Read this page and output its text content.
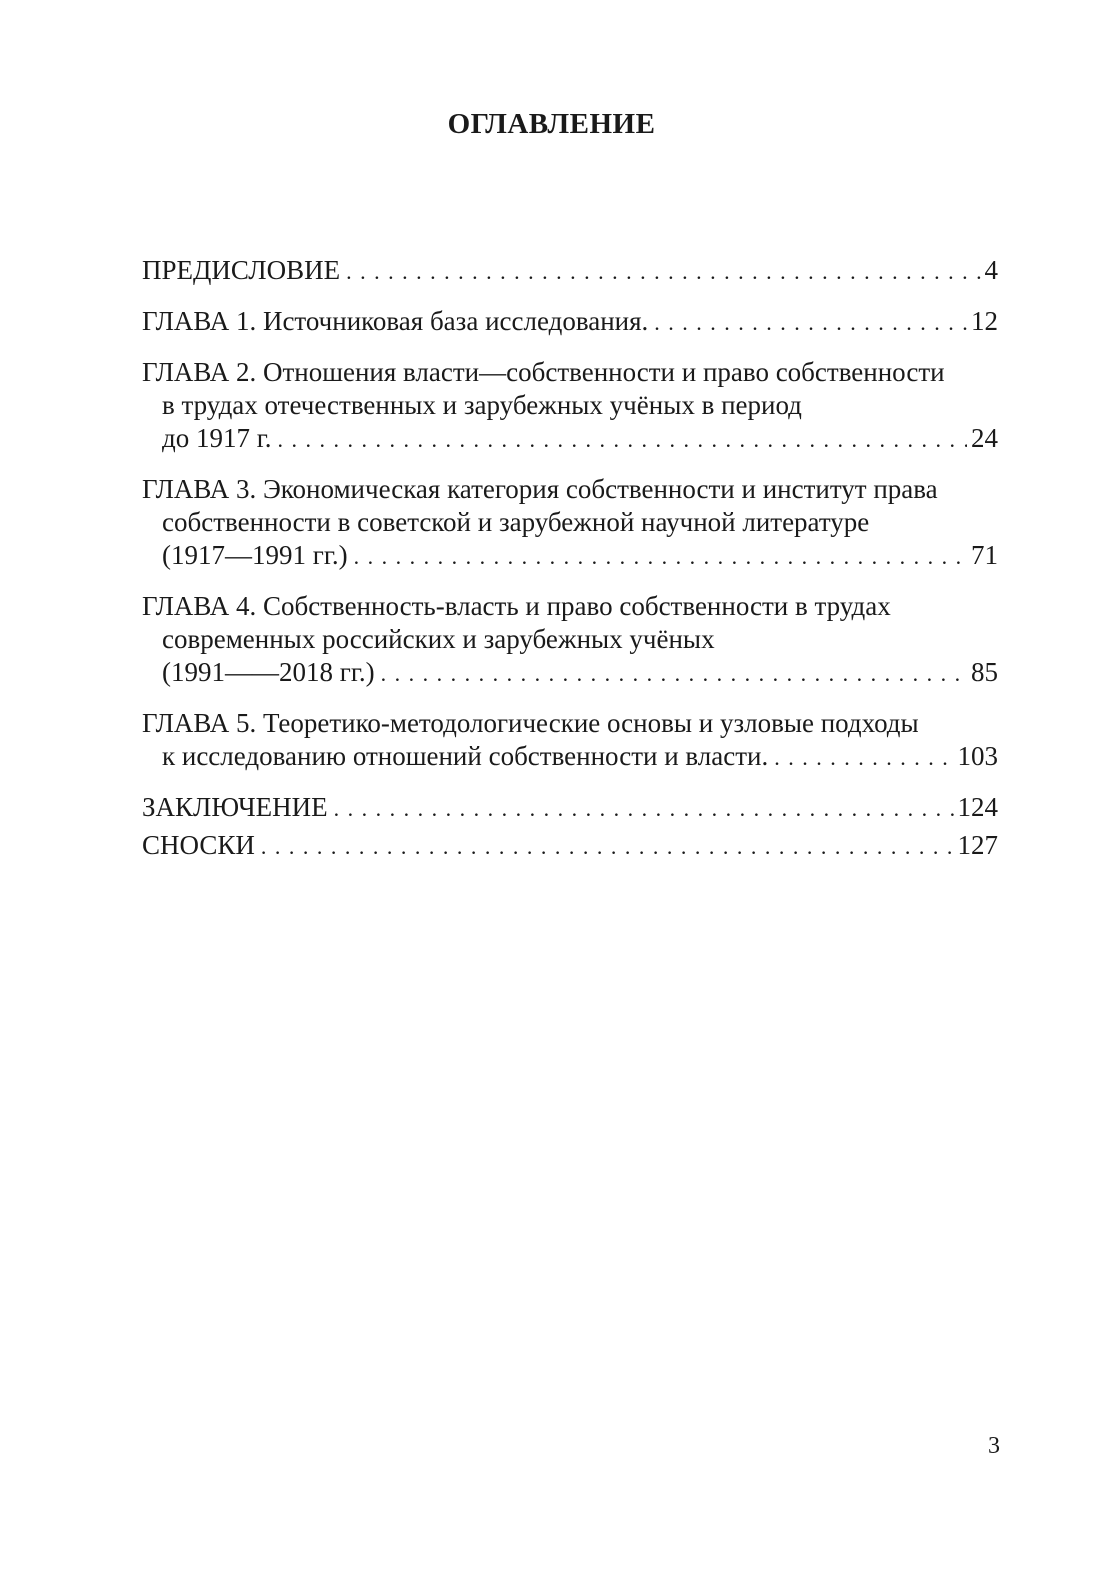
ОГЛАВЛЕНИЕ
ПРЕДИСЛОВИЕ . . .	4
ГЛАВА 1. Источниковая база исследования. . . .	12
ГЛАВА 2. Отношения власти—собственности и право собственности
в трудах отечественных и зарубежных учёных в период
до 1917 г. . . .	24
ГЛАВА 3. Экономическая категория собственности и институт права
собственности в советской и зарубежной научной литературе
(1917—1991 гг.) . . .	71
ГЛАВА 4. Собственность-власть и право собственности в трудах
современных российских и зарубежных учёных
(1991——2018 гг.) . . .	85
ГЛАВА 5. Теоретико-методологические основы и узловые подходы
к исследованию отношений собственности и власти. . . .	103
ЗАКЛЮЧЕНИЕ . . .	124
СНОСКИ . . .	127
3
